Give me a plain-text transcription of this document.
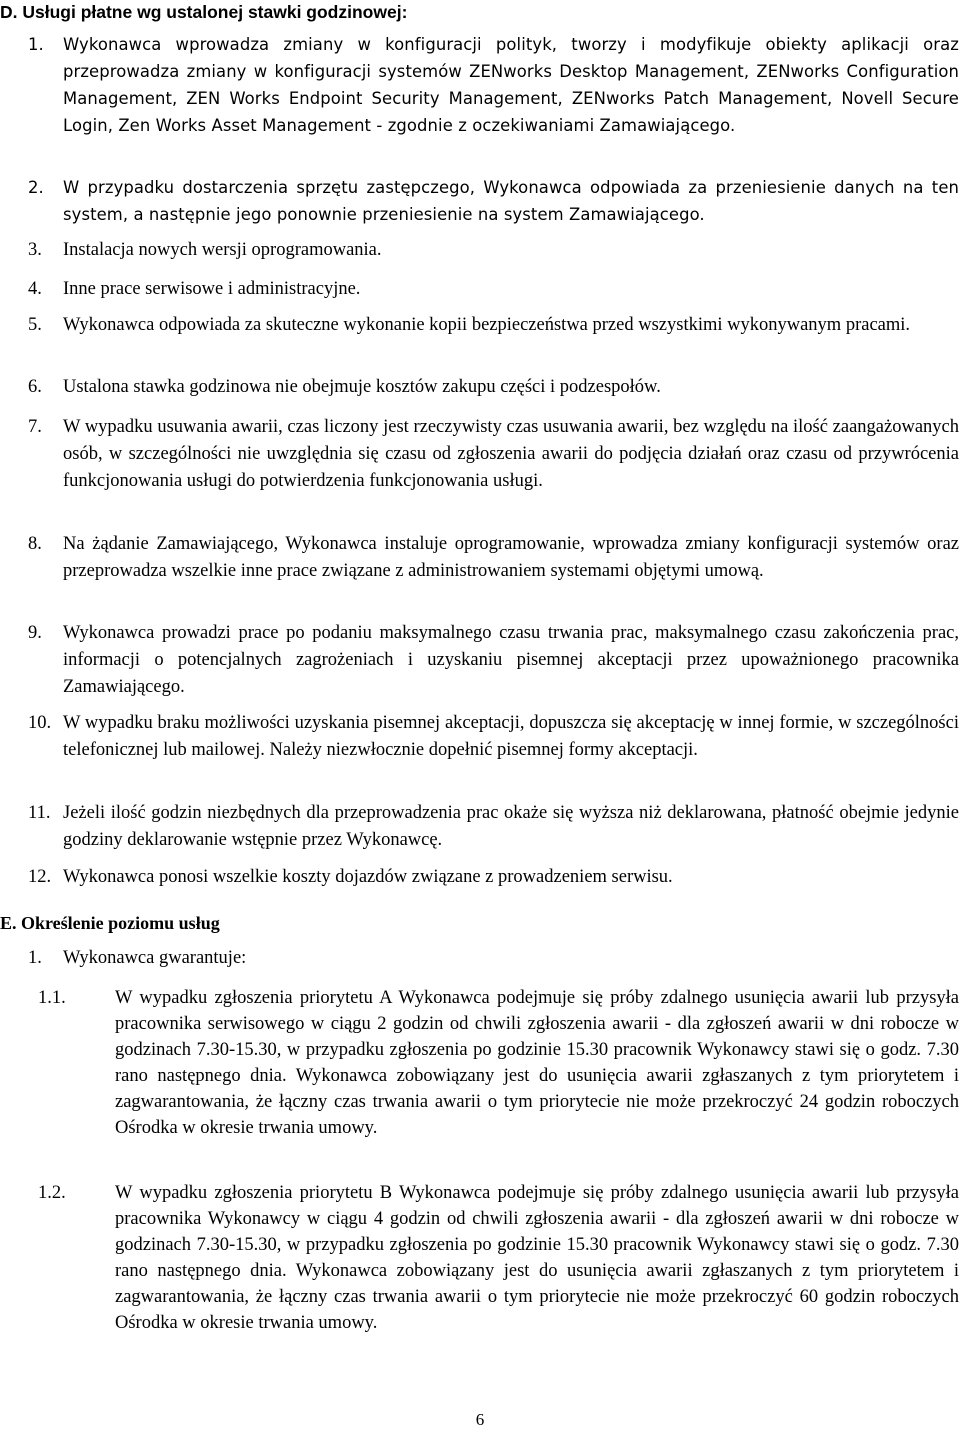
D. Usługi płatne wg ustalonej stawki godzinowej:
1. Wykonawca wprowadza zmiany w konfiguracji polityk, tworzy i modyfikuje obiekty aplikacji oraz przeprowadza zmiany w konfiguracji systemów ZENworks Desktop Management, ZENworks Configuration Management, ZEN Works Endpoint Security Management, ZENworks Patch Management, Novell Secure Login, Zen Works Asset Management - zgodnie z oczekiwaniami Zamawiającego.
2. W przypadku dostarczenia sprzętu zastępczego, Wykonawca odpowiada za przeniesienie danych na ten system, a następnie jego ponownie przeniesienie na system Zamawiającego.
3. Instalacja nowych wersji oprogramowania.
4. Inne prace serwisowe i administracyjne.
5. Wykonawca odpowiada za skuteczne wykonanie kopii bezpieczeństwa przed wszystkimi wykonywanym pracami.
6. Ustalona stawka godzinowa nie obejmuje kosztów zakupu części i podzespołów.
7. W wypadku usuwania awarii, czas liczony jest rzeczywisty czas usuwania awarii, bez względu na ilość zaangażowanych osób, w szczególności nie uwzględnia się czasu od zgłoszenia awarii do podjęcia działań oraz czasu od przywrócenia funkcjonowania usługi do potwierdzenia funkcjonowania usługi.
8. Na żądanie Zamawiającego, Wykonawca instaluje oprogramowanie, wprowadza zmiany konfiguracji systemów oraz przeprowadza wszelkie inne prace związane z administrowaniem systemami objętymi umową.
9. Wykonawca prowadzi prace po podaniu maksymalnego czasu trwania prac, maksymalnego czasu zakończenia prac, informacji o potencjalnych zagrożeniach i uzyskaniu pisemnej akceptacji przez upoważnionego pracownika Zamawiającego.
10. W wypadku braku możliwości uzyskania pisemnej akceptacji, dopuszcza się akceptację w innej formie, w szczególności telefonicznej lub mailowej. Należy niezwłocznie dopełnić pisemnej formy akceptacji.
11. Jeżeli ilość godzin niezbędnych dla przeprowadzenia prac okaże się wyższa niż deklarowana, płatność obejmie jedynie godziny deklarowanie wstępnie przez Wykonawcę.
12. Wykonawca ponosi wszelkie koszty dojazdów związane z prowadzeniem serwisu.
E. Określenie poziomu usług
1. Wykonawca gwarantuje:
1.1.	W wypadku zgłoszenia priorytetu A Wykonawca podejmuje się próby zdalnego usunięcia awarii lub przysyła pracownika serwisowego w ciągu 2 godzin od chwili zgłoszenia awarii - dla zgłoszeń awarii w dni robocze w godzinach 7.30-15.30, w przypadku zgłoszenia po godzinie 15.30 pracownik Wykonawcy stawi się o godz. 7.30 rano następnego dnia. Wykonawca zobowiązany jest do usunięcia awarii zgłaszanych z tym priorytetem i zagwarantowania, że łączny czas trwania awarii o tym priorytecie nie może przekroczyć 24 godzin roboczych Ośrodka w okresie trwania umowy.
1.2.	W wypadku zgłoszenia priorytetu B Wykonawca podejmuje się próby zdalnego usunięcia awarii lub przysyła pracownika Wykonawcy w ciągu 4 godzin od chwili zgłoszenia awarii - dla zgłoszeń awarii w dni robocze w godzinach 7.30-15.30, w przypadku zgłoszenia po godzinie 15.30 pracownik Wykonawcy stawi się o godz. 7.30 rano następnego dnia. Wykonawca zobowiązany jest do usunięcia awarii zgłaszanych z tym priorytetem i zagwarantowania, że łączny czas trwania awarii o tym priorytecie nie może przekroczyć 60 godzin roboczych Ośrodka w okresie trwania umowy.
6
